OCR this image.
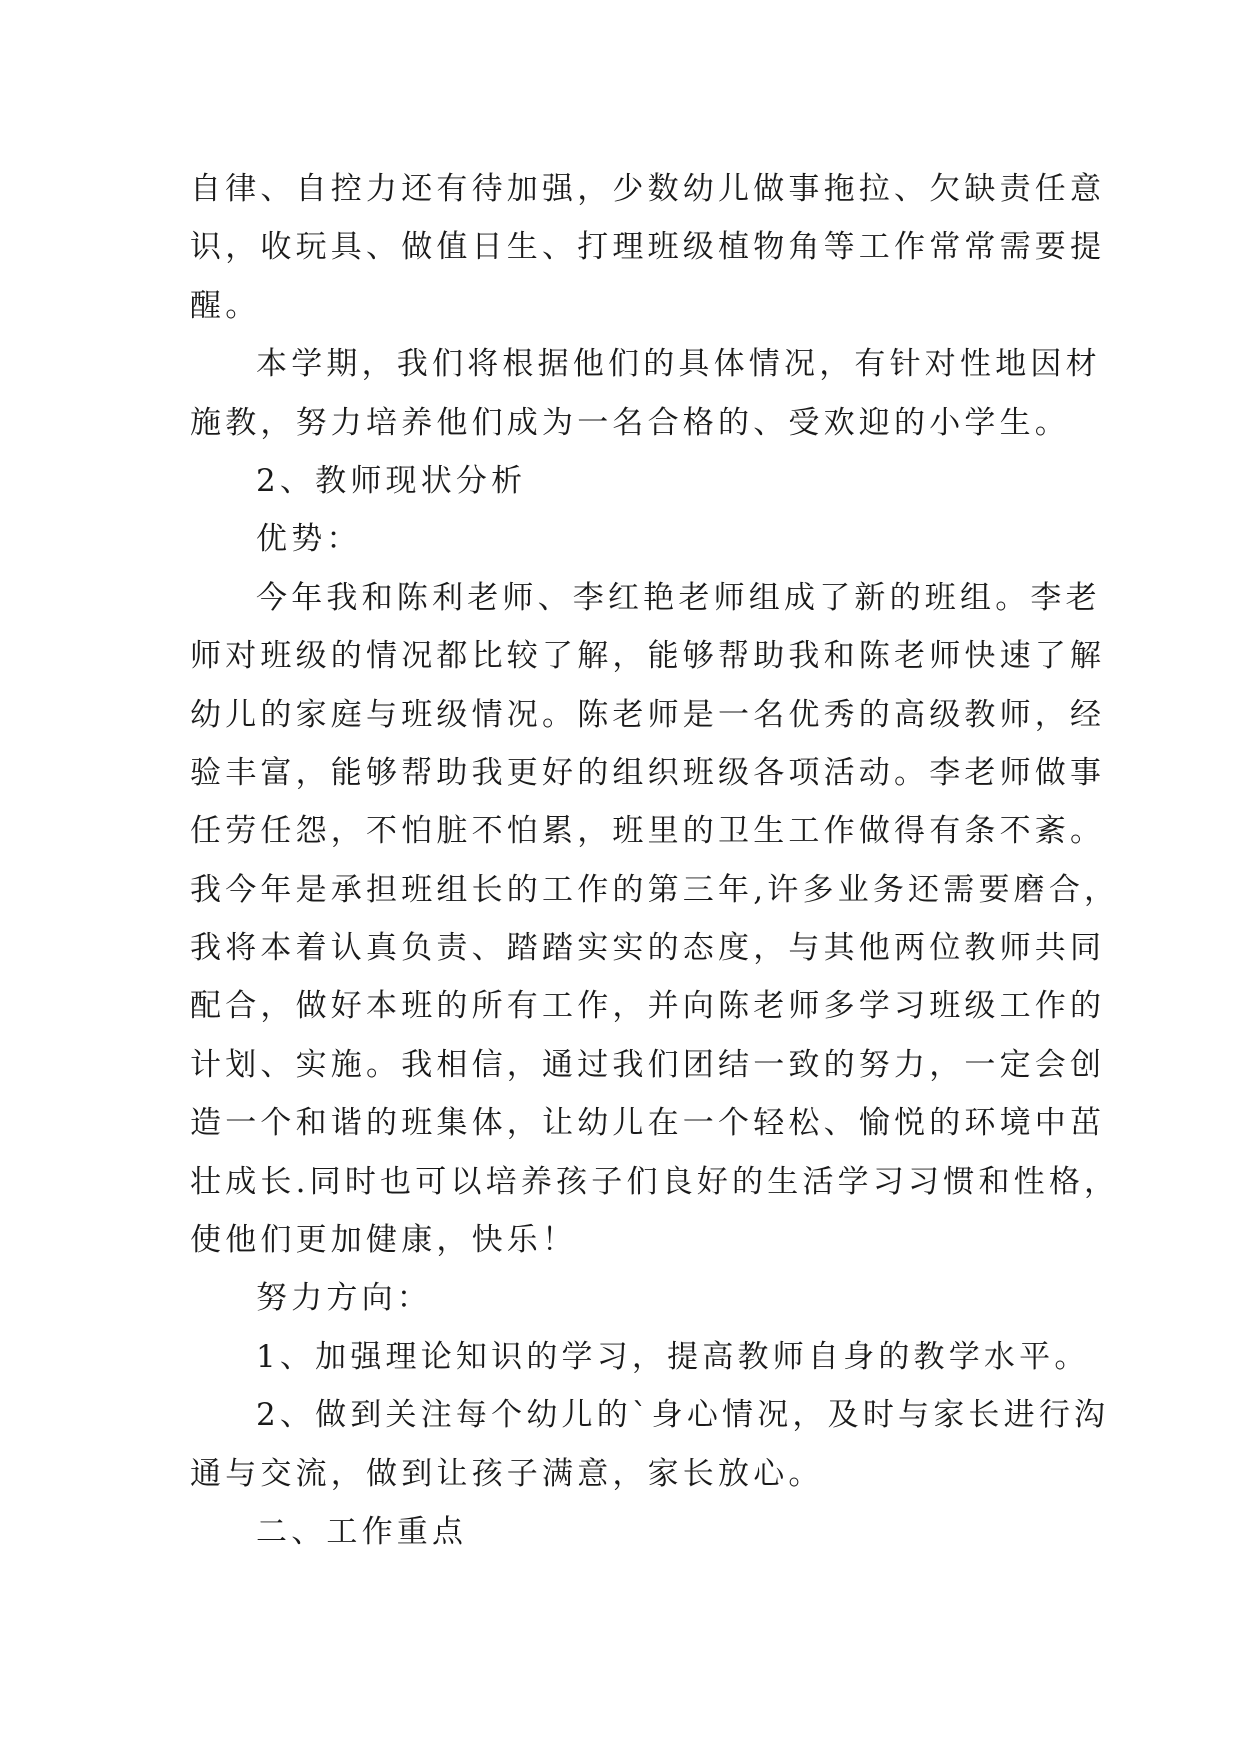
自律、自控力还有待加强，少数幼儿做事拖拉、欠缺责任意
识，收玩具、做值日生、打理班级植物角等工作常常需要提
醒。
本学期，我们将根据他们的具体情况，有针对性地因材
施教，努力培养他们成为一名合格的、受欢迎的小学生。
2、教师现状分析
优势：
今年我和陈利老师、李红艳老师组成了新的班组。李老
师对班级的情况都比较了解，能够帮助我和陈老师快速了解
幼儿的家庭与班级情况。陈老师是一名优秀的高级教师，经
验丰富，能够帮助我更好的组织班级各项活动。李老师做事
任劳任怨，不怕脏不怕累，班里的卫生工作做得有条不紊。
我今年是承担班组长的工作的第三年,许多业务还需要磨合，
我将本着认真负责、踏踏实实的态度，与其他两位教师共同
配合，做好本班的所有工作，并向陈老师多学习班级工作的
计划、实施。我相信，通过我们团结一致的努力，一定会创
造一个和谐的班集体，让幼儿在一个轻松、愉悦的环境中茁
壮成长.同时也可以培养孩子们良好的生活学习习惯和性格，
使他们更加健康，快乐！
努力方向：
1、加强理论知识的学习，提高教师自身的教学水平。
2、做到关注每个幼儿的`身心情况，及时与家长进行沟
通与交流，做到让孩子满意，家长放心。
二、工作重点
